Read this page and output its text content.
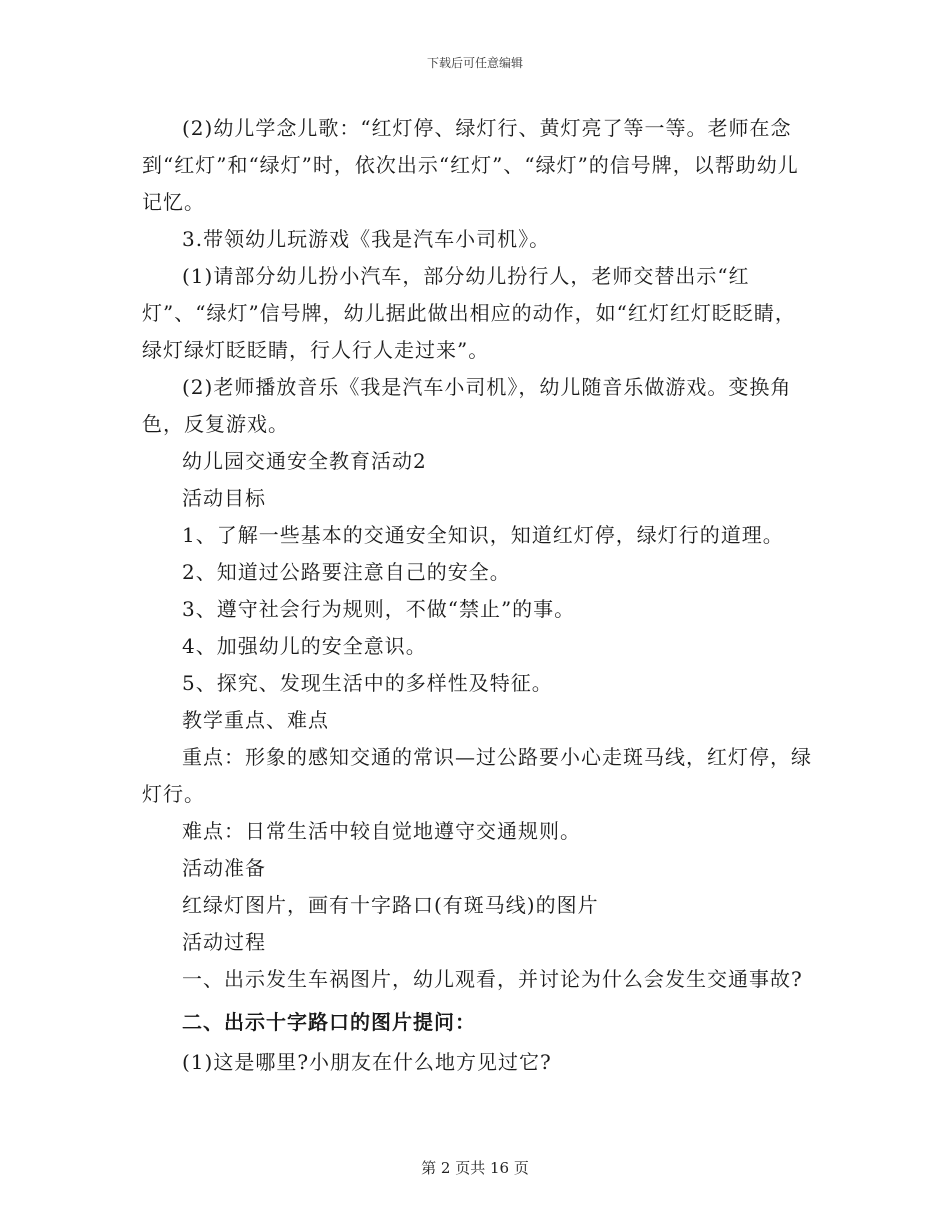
下载后可任意编辑

(2)幼儿学念儿歌：“红灯停、绿灯行、黄灯亮了等一等。老师在念到“红灯”和“绿灯”时，依次出示“红灯”、“绿灯”的信号牌，以帮助幼儿记忆。

3.带领幼儿玩游戏《我是汽车小司机》。

(1)请部分幼儿扮小汽车，部分幼儿扮行人，老师交替出示“红灯”、“绿灯”信号牌，幼儿据此做出相应的动作，如“红灯红灯眨眨睛，绿灯绿灯眨眨睛，行人行人走过来”。

(2)老师播放音乐《我是汽车小司机》，幼儿随音乐做游戏。变换角色，反复游戏。

幼儿园交通安全教育活动2

活动目标

1、了解一些基本的交通安全知识，知道红灯停，绿灯行的道理。

2、知道过公路要注意自己的安全。

3、遵守社会行为规则，不做“禁止”的事。

4、加强幼儿的安全意识。

5、探究、发现生活中的多样性及特征。

教学重点、难点

重点：形象的感知交通的常识—过公路要小心走斑马线，红灯停，绿灯行。

难点：日常生活中较自觉地遵守交通规则。

活动准备

红绿灯图片，画有十字路口(有斑马线)的图片

活动过程

一、出示发生车祸图片，幼儿观看，并讨论为什么会发生交通事故?

二、出示十字路口的图片提问：

(1)这是哪里?小朋友在什么地方见过它?

第 2 页共 16 页
